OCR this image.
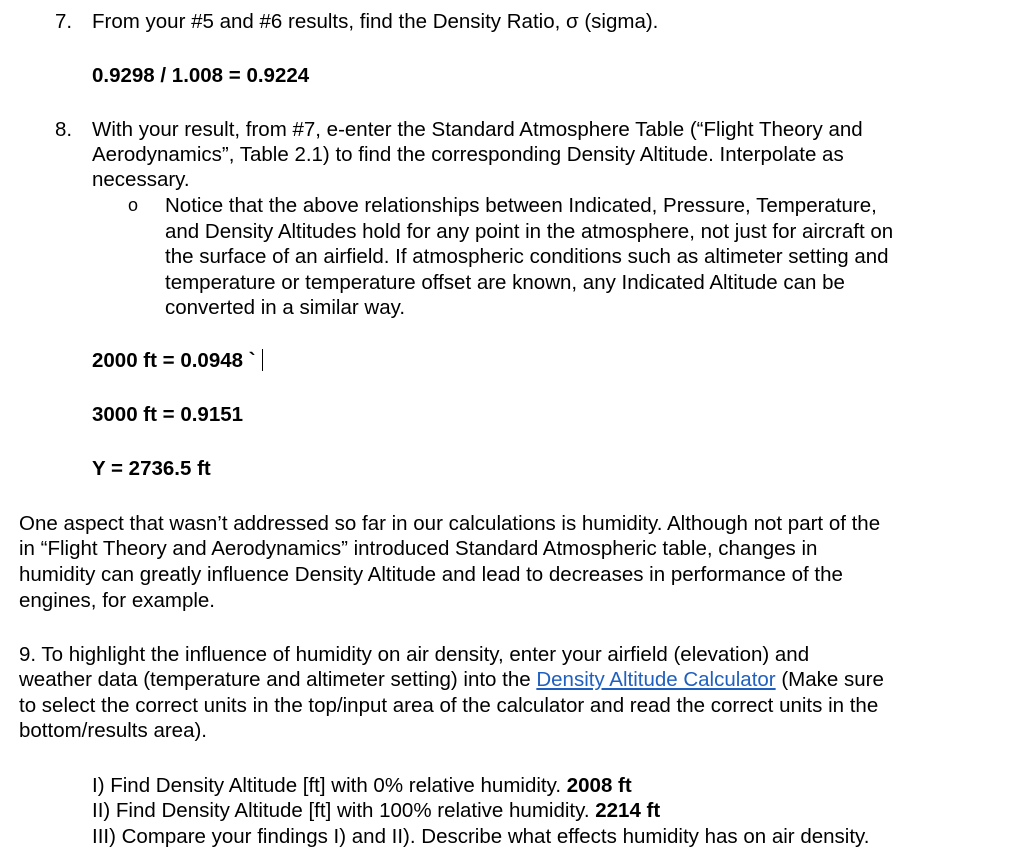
7. From your #5 and #6 results, find the Density Ratio, σ (sigma).
0.9298 / 1.008 = 0.9224
8. With your result, from #7, e-enter the Standard Atmosphere Table (“Flight Theory and
Aerodynamics”, Table 2.1) to find the corresponding Density Altitude. Interpolate as
necessary.
o Notice that the above relationships between Indicated, Pressure, Temperature,
and Density Altitudes hold for any point in the atmosphere, not just for aircraft on
the surface of an airfield. If atmospheric conditions such as altimeter setting and
temperature or temperature offset are known, any Indicated Altitude can be
converted in a similar way.
2000 ft = 0.0948 `
3000 ft = 0.9151
Y = 2736.5 ft
One aspect that wasn’t addressed so far in our calculations is humidity. Although not part of the
in “Flight Theory and Aerodynamics” introduced Standard Atmospheric table, changes in
humidity can greatly influence Density Altitude and lead to decreases in performance of the
engines, for example.
9. To highlight the influence of humidity on air density, enter your airfield (elevation) and
weather data (temperature and altimeter setting) into the Density Altitude Calculator (Make sure
to select the correct units in the top/input area of the calculator and read the correct units in the
bottom/results area).
I) Find Density Altitude [ft] with 0% relative humidity. 2008 ft
II) Find Density Altitude [ft] with 100% relative humidity. 2214 ft
III) Compare your findings I) and II). Describe what effects humidity has on air density.
